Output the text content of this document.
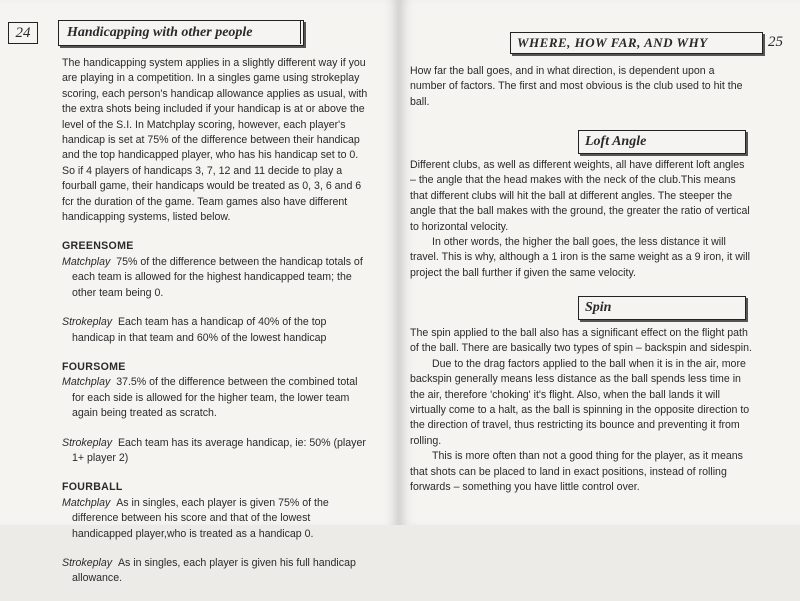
24	Handicapping with other people

The handicapping system applies in a slightly different way if you are playing in a competition. In a singles game using strokeplay scoring, each person's handicap allowance applies as usual, with the extra shots being included if your handicap is at or above the level of the S.I. In Matchplay scoring, however, each player's handicap is set at 75% of the difference between their handicap and the top handicapped player, who has his handicap set to 0. So if 4 players of handicaps 3, 7, 12 and 11 decide to play a fourball game, their handicaps would be treated as 0, 3, 6 and 6 fcr the duration of the game. Team games also have different handicapping systems, listed below.

GREENSOME

Matchplay 75% of the difference between the handicap totals of each team is allowed for the highest handicapped team; the other team being 0.

Strokeplay Each team has a handicap of 40% of the top handicap in that team and 60% of the lowest handicap

FOURSOME

Matchplay 37.5% of the difference between the combined total for each side is allowed for the higher team, the lower team again being treated as scratch.

Strokeplay Each team has its average handicap, ie: 50% (player 1+ player 2)

FOURBALL

Matchplay As in singles, each player is given 75% of the difference between his score and that of the lowest handicapped player,who is treated as a handicap 0.

Strokeplay As in singles, each player is given his full handicap allowance.

WHERE, HOW FAR, AND WHY	25

How far the ball goes, and in what direction, is dependent upon a number of factors. The first and most obvious is the club used to hit the ball.

Loft Angle

Different clubs, as well as different weights, all have different loft angles – the angle that the head makes with the neck of the club.This means that different clubs will hit the ball at different angles. The steeper the angle that the ball makes with the ground, the greater the ratio of vertical to horizontal velocity.

In other words, the higher the ball goes, the less distance it will travel. This is why, although a 1 iron is the same weight as a 9 iron, it will project the ball further if given the same velocity.

Spin

The spin applied to the ball also has a significant effect on the flight path of the ball. There are basically two types of spin – backspin and sidespin.

Due to the drag factors applied to the ball when it is in the air, more backspin generally means less distance as the ball spends less time in the air, therefore 'choking' it's flight. Also, when the ball lands it will virtually come to a halt, as the ball is spinning in the opposite direction to the direction of travel, thus restricting its bounce and preventing it from rolling.

This is more often than not a good thing for the player, as it means that shots can be placed to land in exact positions, instead of rolling forwards – something you have little control over.
